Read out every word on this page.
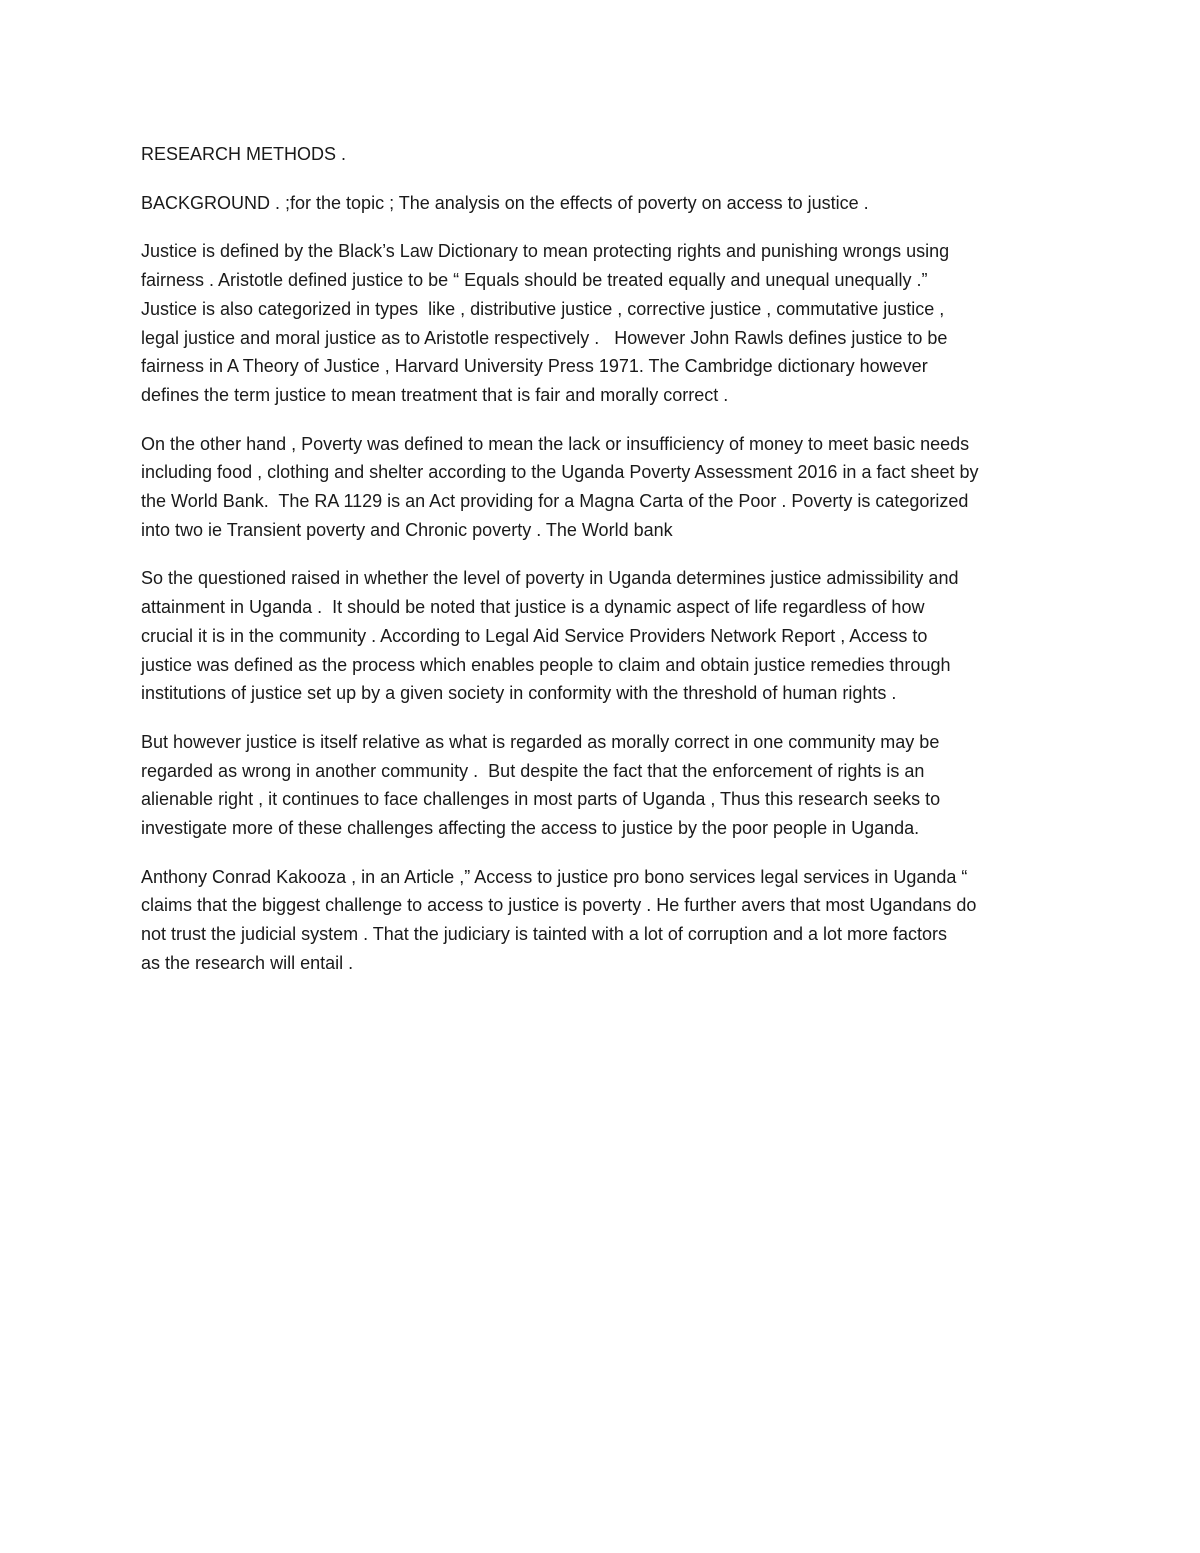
RESEARCH METHODS .

BACKGROUND . ;for the topic ; The analysis on the effects of poverty on access to justice .

Justice is defined by the Black’s Law Dictionary to mean protecting rights and punishing wrongs using
fairness . Aristotle defined justice to be “ Equals should be treated equally and unequal unequally .”
Justice is also categorized in types  like , distributive justice , corrective justice , commutative justice ,
legal justice and moral justice as to Aristotle respectively .   However John Rawls defines justice to be
fairness in A Theory of Justice , Harvard University Press 1971. The Cambridge dictionary however
defines the term justice to mean treatment that is fair and morally correct .

On the other hand , Poverty was defined to mean the lack or insufficiency of money to meet basic needs
including food , clothing and shelter according to the Uganda Poverty Assessment 2016 in a fact sheet by
the World Bank.  The RA 1129 is an Act providing for a Magna Carta of the Poor . Poverty is categorized
into two ie Transient poverty and Chronic poverty . The World bank

So the questioned raised in whether the level of poverty in Uganda determines justice admissibility and
attainment in Uganda .  It should be noted that justice is a dynamic aspect of life regardless of how
crucial it is in the community . According to Legal Aid Service Providers Network Report , Access to
justice was defined as the process which enables people to claim and obtain justice remedies through
institutions of justice set up by a given society in conformity with the threshold of human rights .

But however justice is itself relative as what is regarded as morally correct in one community may be
regarded as wrong in another community .  But despite the fact that the enforcement of rights is an
alienable right , it continues to face challenges in most parts of Uganda , Thus this research seeks to
investigate more of these challenges affecting the access to justice by the poor people in Uganda.

Anthony Conrad Kakooza , in an Article ,” Access to justice pro bono services legal services in Uganda “
claims that the biggest challenge to access to justice is poverty . He further avers that most Ugandans do
not trust the judicial system . That the judiciary is tainted with a lot of corruption and a lot more factors
as the research will entail .
